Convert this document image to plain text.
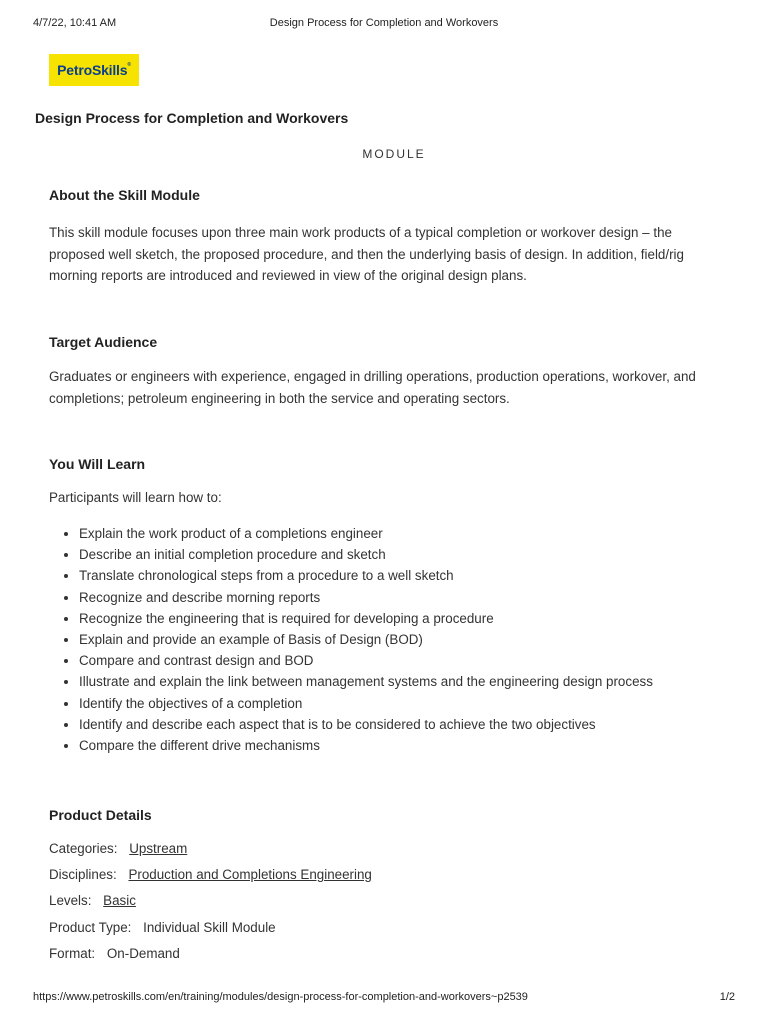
4/7/22, 10:41 AM	Design Process for Completion and Workovers
PetroSkills®
Design Process for Completion and Workovers
MODULE
About the Skill Module

This skill module focuses upon three main work products of a typical completion or workover design – the proposed well sketch, the proposed procedure, and then the underlying basis of design. In addition, field/rig morning reports are introduced and reviewed in view of the original design plans.

Target Audience

Graduates or engineers with experience, engaged in drilling operations, production operations, workover, and completions; petroleum engineering in both the service and operating sectors.

You Will Learn

Participants will learn how to:

• Explain the work product of a completions engineer
• Describe an initial completion procedure and sketch
• Translate chronological steps from a procedure to a well sketch
• Recognize and describe morning reports
• Recognize the engineering that is required for developing a procedure
• Explain and provide an example of Basis of Design (BOD)
• Compare and contrast design and BOD
• Illustrate and explain the link between management systems and the engineering design process
• Identify the objectives of a completion
• Identify and describe each aspect that is to be considered to achieve the two objectives
• Compare the different drive mechanisms
Product Details
Categories: Upstream
Disciplines: Production and Completions Engineering
Levels: Basic
Product Type: Individual Skill Module
Format: On-Demand
https://www.petroskills.com/en/training/modules/design-process-for-completion-and-workovers~p2539	1/2
